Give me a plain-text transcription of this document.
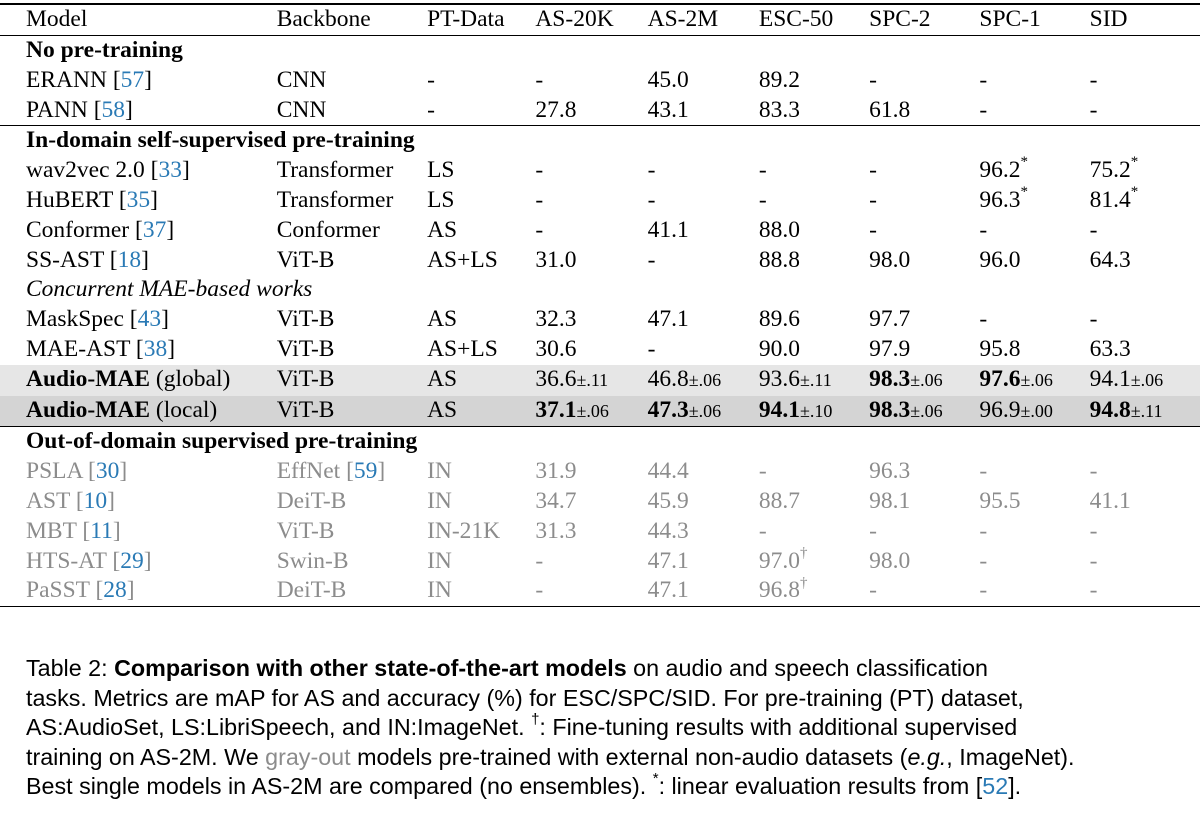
Model	Backbone	PT-Data	AS-20K	AS-2M	ESC-50	SPC-2	SPC-1	SID
No pre-training								
ERANN [57]	CNN	-	-	45.0	89.2	-	-	-
PANN [58]	CNN	-	27.8	43.1	83.3	61.8	-	-
In-domain self-supervised pre-training								
wav2vec 2.0 [33]	Transformer	LS	-	-	-	-	96.2*	75.2*
HuBERT [35]	Transformer	LS	-	-	-	-	96.3*	81.4*
Conformer [37]	Conformer	AS	-	41.1	88.0	-	-	-
SS-AST [18]	ViT-B	AS+LS	31.0	-	88.8	98.0	96.0	64.3
Concurrent MAE-based works								
MaskSpec [43]	ViT-B	AS	32.3	47.1	89.6	97.7	-	-
MAE-AST [38]	ViT-B	AS+LS	30.6	-	90.0	97.9	95.8	63.3
Audio-MAE (global)	ViT-B	AS	36.6±.11	46.8±.06	93.6±.11	98.3±.06	97.6±.06	94.1±.06
Audio-MAE (local)	ViT-B	AS	37.1±.06	47.3±.06	94.1±.10	98.3±.06	96.9±.00	94.8±.11
Out-of-domain supervised pre-training								
PSLA [30]	EffNet [59]	IN	31.9	44.4	-	96.3	-	-
AST [10]	DeiT-B	IN	34.7	45.9	88.7	98.1	95.5	41.1
MBT [11]	ViT-B	IN-21K	31.3	44.3	-	-	-	-
HTS-AT [29]	Swin-B	IN	-	47.1	97.0†	98.0	-	-
PaSST [28]	DeiT-B	IN	-	47.1	96.8†	-	-	-

Table 2: Comparison with other state-of-the-art models on audio and speech classification
tasks. Metrics are mAP for AS and accuracy (%) for ESC/SPC/SID. For pre-training (PT) dataset,
AS:AudioSet, LS:LibriSpeech, and IN:ImageNet. †: Fine-tuning results with additional supervised
training on AS-2M. We gray-out models pre-trained with external non-audio datasets (e.g., ImageNet).
Best single models in AS-2M are compared (no ensembles). *: linear evaluation results from [52].
